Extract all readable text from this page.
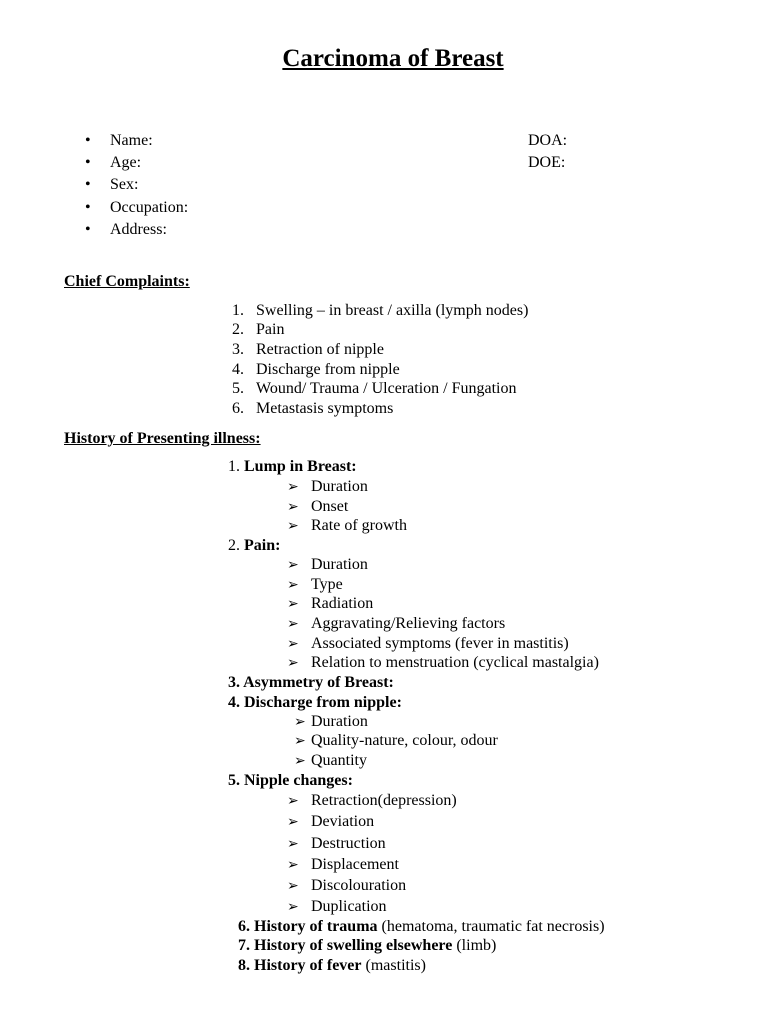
Carcinoma of Breast
• Name:
• Age:
• Sex:
• Occupation:
• Address:
DOA:
DOE:
Chief Complaints:
1. Swelling – in breast / axilla (lymph nodes)
2. Pain
3. Retraction of nipple
4. Discharge from nipple
5. Wound/ Trauma / Ulceration / Fungation
6. Metastasis symptoms
History of Presenting illness:
1. Lump in Breast:
➢ Duration
➢ Onset
➢ Rate of growth
2. Pain:
➢ Duration
➢ Type
➢ Radiation
➢ Aggravating/Relieving factors
➢ Associated symptoms (fever in mastitis)
➢ Relation to menstruation (cyclical mastalgia)
3. Asymmetry of Breast:
4. Discharge from nipple:
➢ Duration
➢ Quality-nature, colour, odour
➢ Quantity
5. Nipple changes:
➢ Retraction(depression)
➢ Deviation
➢ Destruction
➢ Displacement
➢ Discolouration
➢ Duplication
6. History of trauma (hematoma, traumatic fat necrosis)
7. History of swelling elsewhere (limb)
8. History of fever (mastitis)
